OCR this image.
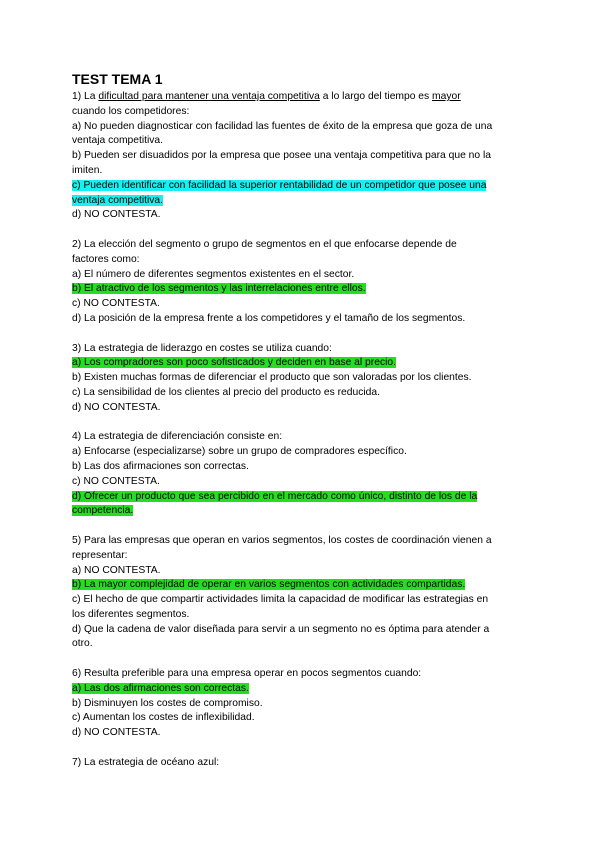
TEST TEMA 1
1) La dificultad para mantener una ventaja competitiva a lo largo del tiempo es mayor
cuando los competidores:
a) No pueden diagnosticar con facilidad las fuentes de éxito de la empresa que goza de una
ventaja competitiva.
b) Pueden ser disuadidos por la empresa que posee una ventaja competitiva para que no la
imiten.
c) Pueden identificar con facilidad la superior rentabilidad de un competidor que posee una
ventaja competitiva.
d) NO CONTESTA.
2) La elección del segmento o grupo de segmentos en el que enfocarse depende de
factores como:
a) El número de diferentes segmentos existentes en el sector.
b) El atractivo de los segmentos y las interrelaciones entre ellos.
c) NO CONTESTA.
d) La posición de la empresa frente a los competidores y el tamaño de los segmentos.
3) La estrategia de liderazgo en costes se utiliza cuando:
a) Los compradores son poco sofisticados y deciden en base al precio.
b) Existen muchas formas de diferenciar el producto que son valoradas por los clientes.
c) La sensibilidad de los clientes al precio del producto es reducida.
d) NO CONTESTA.
4) La estrategia de diferenciación consiste en:
a) Enfocarse (especializarse) sobre un grupo de compradores específico.
b) Las dos afirmaciones son correctas.
c) NO CONTESTA.
d) Ofrecer un producto que sea percibido en el mercado como único, distinto de los de la
competencia.
5) Para las empresas que operan en varios segmentos, los costes de coordinación vienen a
representar:
a) NO CONTESTA.
b) La mayor complejidad de operar en varios segmentos con actividades compartidas.
c) El hecho de que compartir actividades limita la capacidad de modificar las estrategias en
los diferentes segmentos.
d) Que la cadena de valor diseñada para servir a un segmento no es óptima para atender a
otro.
6) Resulta preferible para una empresa operar en pocos segmentos cuando:
a) Las dos afirmaciones son correctas.
b) Disminuyen los costes de compromiso.
c) Aumentan los costes de inflexibilidad.
d) NO CONTESTA.
7) La estrategia de océano azul:
